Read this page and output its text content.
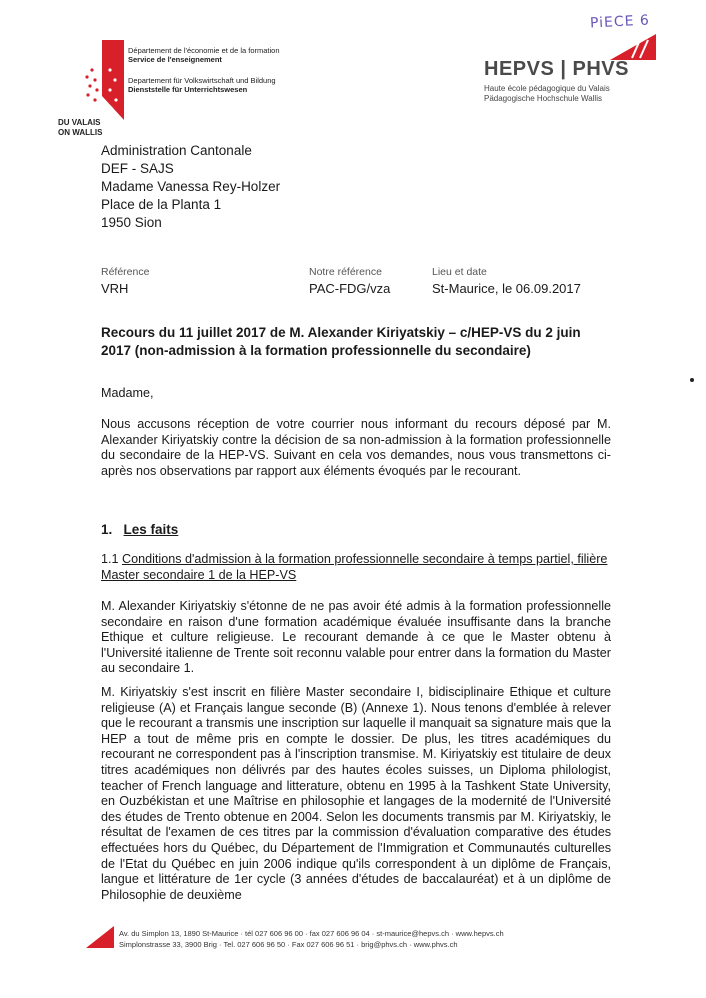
PiECE 6
Département de l'économie et de la formation
Service de l'enseignement
Departement für Volkswirtschaft und Bildung
Dienststelle für Unterrichtswesen
DU VALAIS
ON WALLIS
HEPVS | PHVS
Haute école pédagogique du Valais
Pädagogische Hochschule Wallis
Administration Cantonale
DEF - SAJS
Madame Vanessa Rey-Holzer
Place de la Planta 1
1950 Sion
Référence
VRH
Notre référence
PAC-FDG/vza
Lieu et date
St-Maurice, le 06.09.2017
Recours du 11 juillet 2017 de M. Alexander Kiriyatskiy – c/HEP-VS du 2 juin 2017 (non-admission à la formation professionnelle du secondaire)
Madame,
Nous accusons réception de votre courrier nous informant du recours déposé par M. Alexander Kiriyatskiy contre la décision de sa non-admission à la formation professionnelle du secondaire de la HEP-VS. Suivant en cela vos demandes, nous vous transmettons ci-après nos observations par rapport aux éléments évoqués par le recourant.
1. Les faits
1.1 Conditions d'admission à la formation professionnelle secondaire à temps partiel, filière Master secondaire 1 de la HEP-VS
M. Alexander Kiriyatskiy s'étonne de ne pas avoir été admis à la formation professionnelle secondaire en raison d'une formation académique évaluée insuffisante dans la branche Ethique et culture religieuse. Le recourant demande à ce que le Master obtenu à l'Université italienne de Trente soit reconnu valable pour entrer dans la formation du Master au secondaire 1.
M. Kiriyatskiy s'est inscrit en filière Master secondaire I, bidisciplinaire Ethique et culture religieuse (A) et Français langue seconde (B) (Annexe 1). Nous tenons d'emblée à relever que le recourant a transmis une inscription sur laquelle il manquait sa signature mais que la HEP a tout de même pris en compte le dossier. De plus, les titres académiques du recourant ne correspondent pas à l'inscription transmise. M. Kiriyatskiy est titulaire de deux titres académiques non délivrés par des hautes écoles suisses, un Diploma philologist, teacher of French language and litterature, obtenu en 1995 à la Tashkent State University, en Ouzbékistan et une Maîtrise en philosophie et langages de la modernité de l'Université des études de Trento obtenue en 2004. Selon les documents transmis par M. Kiriyatskiy, le résultat de l'examen de ces titres par la commission d'évaluation comparative des études effectuées hors du Québec, du Département de l'Immigration et Communautés culturelles de l'Etat du Québec en juin 2006 indique qu'ils correspondent à un diplôme de Français, langue et littérature de 1er cycle (3 années d'études de baccalauréat) et à un diplôme de Philosophie de deuxième
Av. du Simplon 13, 1890 St-Maurice · tél 027 606 96 00 · fax 027 606 96 04 · st-maurice@hepvs.ch · www.hepvs.ch
Simplonstrasse 33, 3900 Brig · Tel. 027 606 96 50 · Fax 027 606 96 51 · brig@phvs.ch · www.phvs.ch
